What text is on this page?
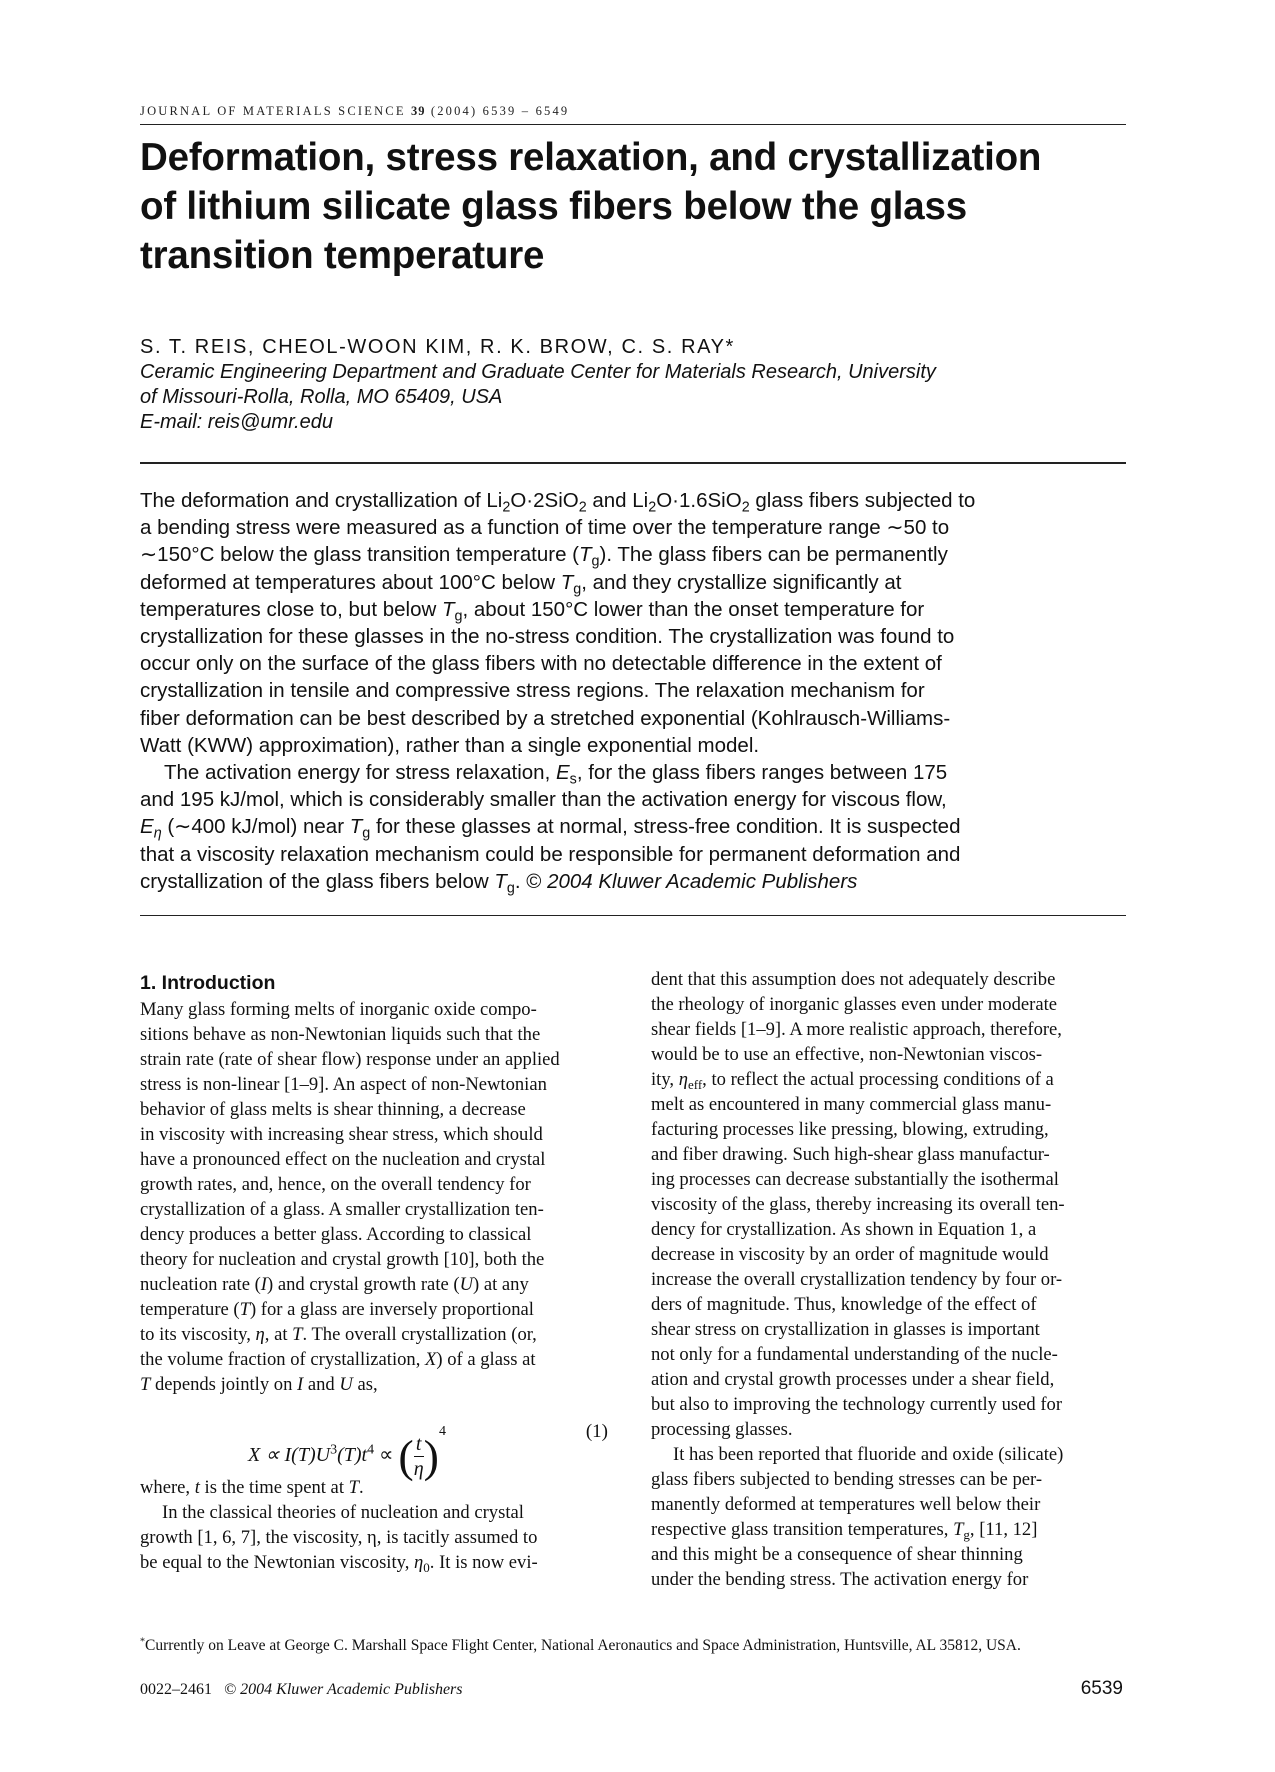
JOURNAL OF MATERIALS SCIENCE 39 (2004) 6539 – 6549
Deformation, stress relaxation, and crystallization
of lithium silicate glass fibers below the glass
transition temperature
S. T. REIS, CHEOL-WOON KIM, R. K. BROW, C. S. RAY*
Ceramic Engineering Department and Graduate Center for Materials Research, University
of Missouri-Rolla, Rolla, MO 65409, USA
E-mail: reis@umr.edu
The deformation and crystallization of $Li_2O\cdot 2SiO_2$ and $Li_2O\cdot 1.6SiO_2$ glass fibers subjected to
a bending stress were measured as a function of time over the temperature range ∼50 to
∼150°C below the glass transition temperature $(T_g)$. The glass fibers can be permanently
deformed at temperatures about 100°C below $T_g$, and they crystallize significantly at
temperatures close to, but below $T_g$, about 150°C lower than the onset temperature for
crystallization for these glasses in the no-stress condition. The crystallization was found to
occur only on the surface of the glass fibers with no detectable difference in the extent of
crystallization in tensile and compressive stress regions. The relaxation mechanism for
fiber deformation can be best described by a stretched exponential (Kohlrausch-Williams-
Watt (KWW) approximation), rather than a single exponential model.
The activation energy for stress relaxation, $E_s$, for the glass fibers ranges between 175
and 195 kJ/mol, which is considerably smaller than the activation energy for viscous flow,
$E_\eta$ (∼400 kJ/mol) near $T_g$ for these glasses at normal, stress-free condition. It is suspected
that a viscosity relaxation mechanism could be responsible for permanent deformation and
crystallization of the glass fibers below $T_g$. © 2004 Kluwer Academic Publishers
1. Introduction
Many glass forming melts of inorganic oxide compo-
sitions behave as non-Newtonian liquids such that the
strain rate (rate of shear flow) response under an applied
stress is non-linear [1–9]. An aspect of non-Newtonian
behavior of glass melts is shear thinning, a decrease
in viscosity with increasing shear stress, which should
have a pronounced effect on the nucleation and crystal
growth rates, and, hence, on the overall tendency for
crystallization of a glass. A smaller crystallization ten-
dency produces a better glass. According to classical
theory for nucleation and crystal growth [10], both the
nucleation rate (I) and crystal growth rate (U) at any
temperature (T) for a glass are inversely proportional
to its viscosity, η, at T. The overall crystallization (or,
the volume fraction of crystallization, X) of a glass at
T depends jointly on I and U as,
$X \propto I(T)U^3(T)t^4$ ∝ ( $\frac{t}{\eta} )^4$	(1)
where, t is the time spent at T.
In the classical theories of nucleation and crystal
growth [1, 6, 7], the viscosity, η, is tacitly assumed to
be equal to the Newtonian viscosity, $\eta_0$. It is now evi-
dent that this assumption does not adequately describe
the rheology of inorganic glasses even under moderate
shear fields [1–9]. A more realistic approach, therefore,
would be to use an effective, non-Newtonian viscos-
ity, $\eta_{eff}$, to reflect the actual processing conditions of a
melt as encountered in many commercial glass manu-
facturing processes like pressing, blowing, extruding,
and fiber drawing. Such high-shear glass manufactur-
ing processes can decrease substantially the isothermal
viscosity of the glass, thereby increasing its overall ten-
dency for crystallization. As shown in Equation 1, a
decrease in viscosity by an order of magnitude would
increase the overall crystallization tendency by four or-
ders of magnitude. Thus, knowledge of the effect of
shear stress on crystallization in glasses is important
not only for a fundamental understanding of the nucle-
ation and crystal growth processes under a shear field,
but also to improving the technology currently used for
processing glasses.
It has been reported that fluoride and oxide (silicate)
glass fibers subjected to bending stresses can be per-
manently deformed at temperatures well below their
respective glass transition temperatures, $T_g$, [11, 12]
and this might be a consequence of shear thinning
under the bending stress. The activation energy for
*Currently on Leave at George C. Marshall Space Flight Center, National Aeronautics and Space Administration, Huntsville, AL 35812, USA.
0022–2461 © 2004 Kluwer Academic Publishers	6539
